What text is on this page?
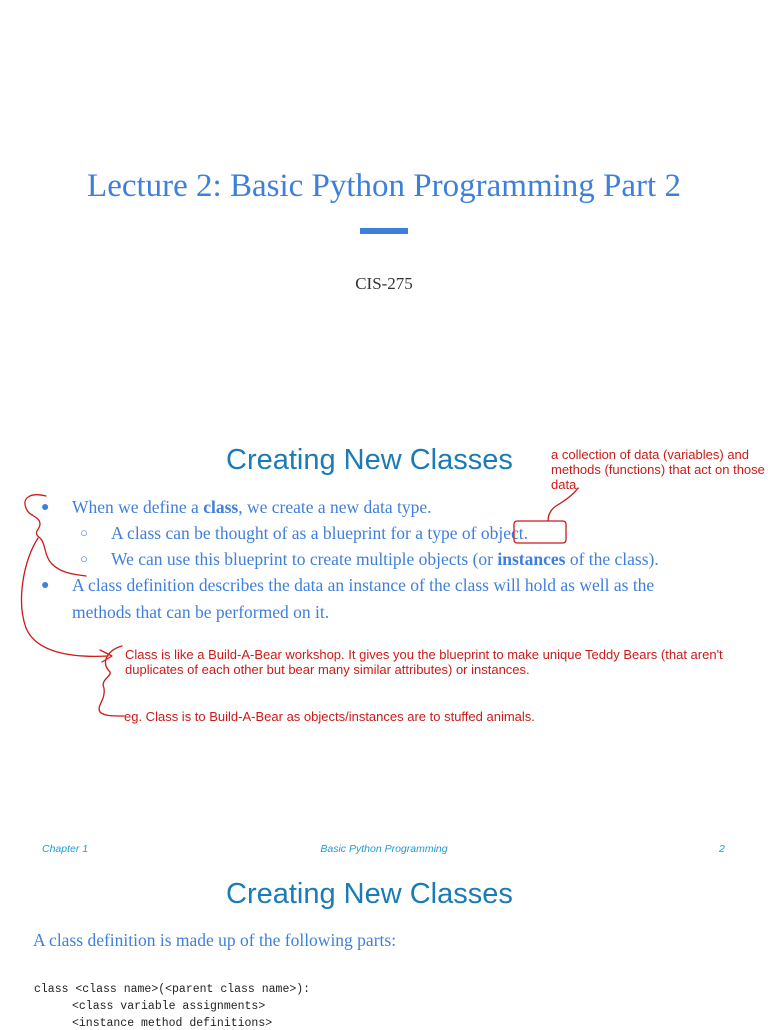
Lecture 2: Basic Python Programming Part 2
CIS-275
Creating New Classes	a collection of data (variables) and methods (functions) that act on those data.
● When we define a class, we create a new data type.
○ A class can be thought of as a blueprint for a type of object.
○ We can use this blueprint to create multiple objects (or instances of the class).
● A class definition describes the data an instance of the class will hold as well as the
methods that can be performed on it.
Class is like a Build-A-Bear workshop. It gives you the blueprint to make unique Teddy Bears (that aren't
duplicates of each other but bear many similar attributes) or instances.
eg. Class is to Build-A-Bear as objects/instances are to stuffed animals.
Chapter 1	Basic Python Programming	2
Creating New Classes
A class definition is made up of the following parts:
class <class name>(<parent class name>):
<class variable assignments>
<instance method definitions>
